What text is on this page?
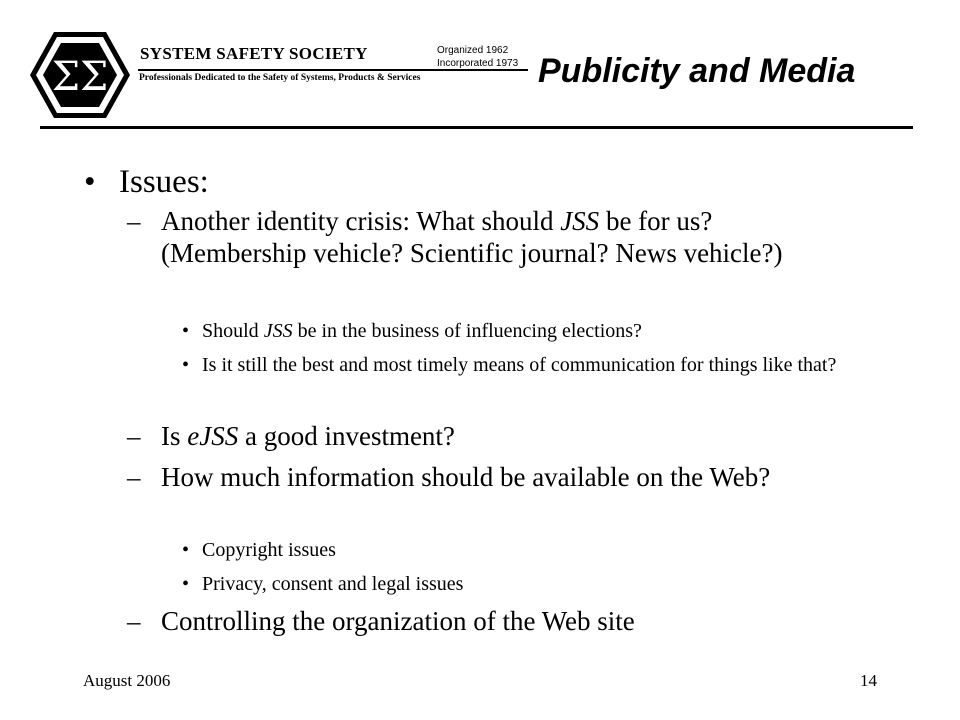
ΣΣ
SYSTEM SAFETY SOCIETY
Professionals Dedicated to the Safety of Systems, Products & Services
Organized 1962
Incorporated 1973 Publicity and Media
• Issues:
– Another identity crisis: What should JSS be for us? (Membership vehicle? Scientific journal? News vehicle?)
• Should JSS be in the business of influencing elections?
• Is it still the best and most timely means of communication for things like that?
– Is eJSS a good investment?
– How much information should be available on the Web?
• Copyright issues
• Privacy, consent and legal issues
– Controlling the organization of the Web site
August 2006	14
